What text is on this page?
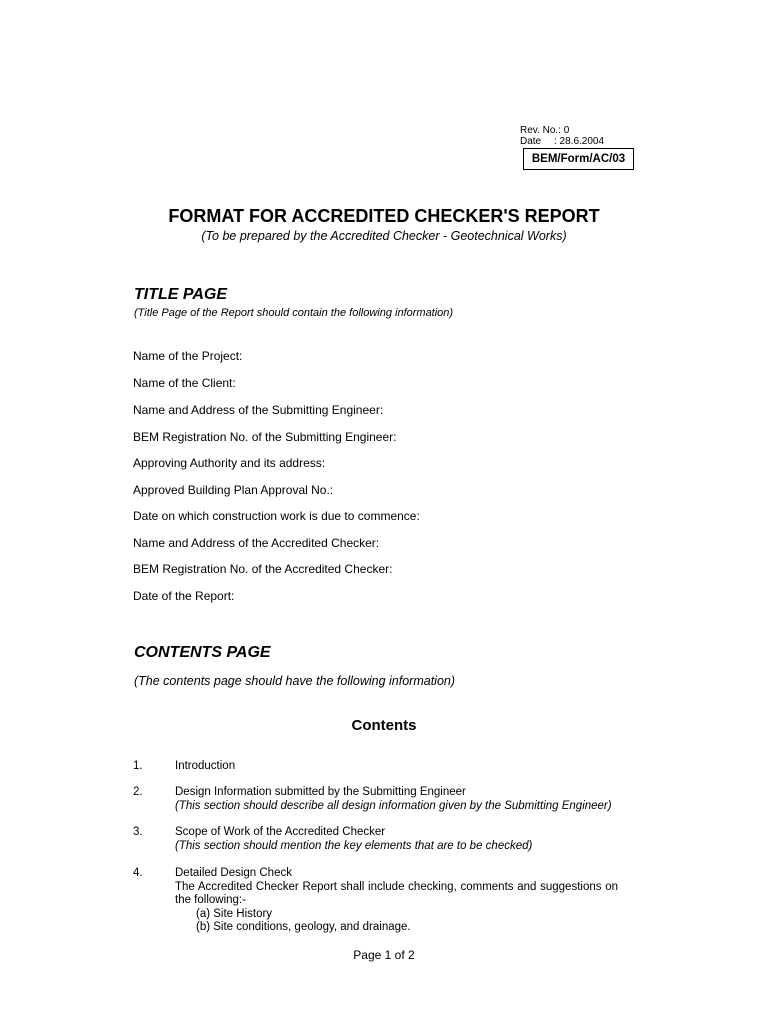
Rev. No.:
0
Date	: 28.6.2004
BEM/Form/AC/03
FORMAT FOR ACCREDITED CHECKER'S REPORT
(To be prepared by the Accredited Checker - Geotechnical Works)
TITLE PAGE
(Title Page of the Report should contain the following information)
Name of the Project:
Name of the Client:
Name and Address of the Submitting Engineer:
BEM Registration No. of the Submitting Engineer:
Approving Authority and its address:
Approved Building Plan Approval No.:
Date on which construction work is due to commence:
Name and Address of the Accredited Checker:
BEM Registration No. of the Accredited Checker:
Date of the Report:
CONTENTS PAGE
(The contents page should have the following information)
Contents
1.	Introduction
2.	Design Information submitted by the Submitting Engineer
(This section should describe all design information given by the Submitting Engineer)
3.	Scope of Work of the Accredited Checker
(This section should mention the key elements that are to be checked)
4.	Detailed Design Check
The Accredited Checker Report shall include checking, comments and suggestions on the following:-
(a) Site History
(b) Site conditions, geology, and drainage.
Page 1 of 2
